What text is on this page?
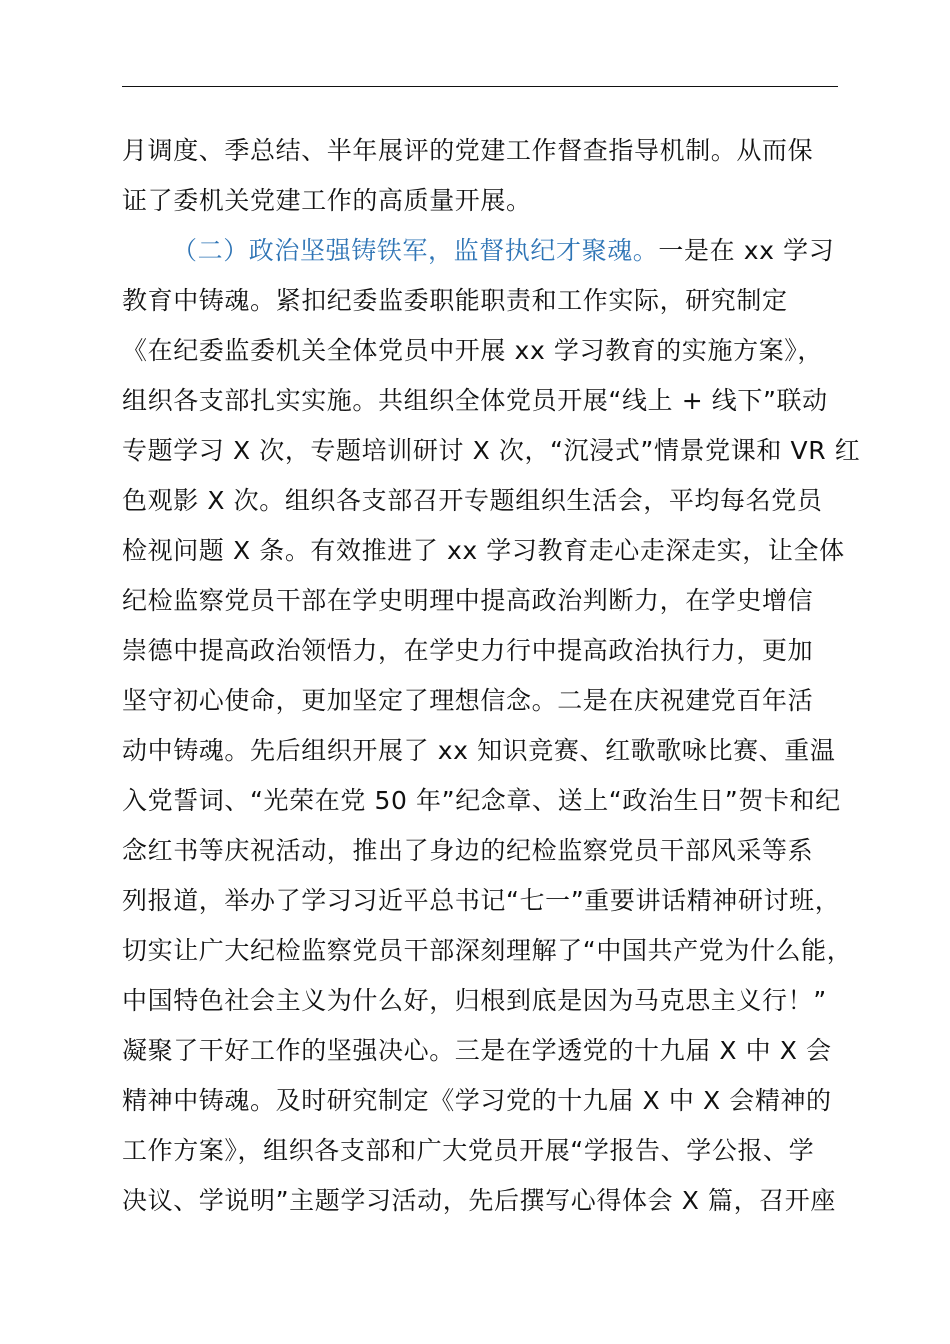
月调度、季总结、半年展评的党建工作督查指导机制。从而保
证了委机关党建工作的高质量开展。
（二）政治坚强铸铁军，监督执纪才聚魂。一是在 xx 学习
教育中铸魂。紧扣纪委监委职能职责和工作实际，研究制定
《在纪委监委机关全体党员中开展 xx 学习教育的实施方案》，
组织各支部扎实实施。共组织全体党员开展“线上 + 线下”联动
专题学习 X 次，专题培训研讨 X 次，“沉浸式”情景党课和 VR 红
色观影 X 次。组织各支部召开专题组织生活会，平均每名党员
检视问题 X 条。有效推进了 xx 学习教育走心走深走实，让全体
纪检监察党员干部在学史明理中提高政治判断力，在学史增信
崇德中提高政治领悟力，在学史力行中提高政治执行力，更加
坚守初心使命，更加坚定了理想信念。二是在庆祝建党百年活
动中铸魂。先后组织开展了 xx 知识竞赛、红歌歌咏比赛、重温
入党誓词、“光荣在党 50 年”纪念章、送上“政治生日”贺卡和纪
念红书等庆祝活动，推出了身边的纪检监察党员干部风采等系
列报道，举办了学习习近平总书记“七一”重要讲话精神研讨班，
切实让广大纪检监察党员干部深刻理解了“中国共产党为什么能，
中国特色社会主义为什么好，归根到底是因为马克思主义行！”
凝聚了干好工作的坚强决心。三是在学透党的十九届 X 中 X 会
精神中铸魂。及时研究制定《学习党的十九届 X 中 X 会精神的
工作方案》，组织各支部和广大党员开展“学报告、学公报、学
决议、学说明”主题学习活动，先后撰写心得体会 X 篇，召开座
